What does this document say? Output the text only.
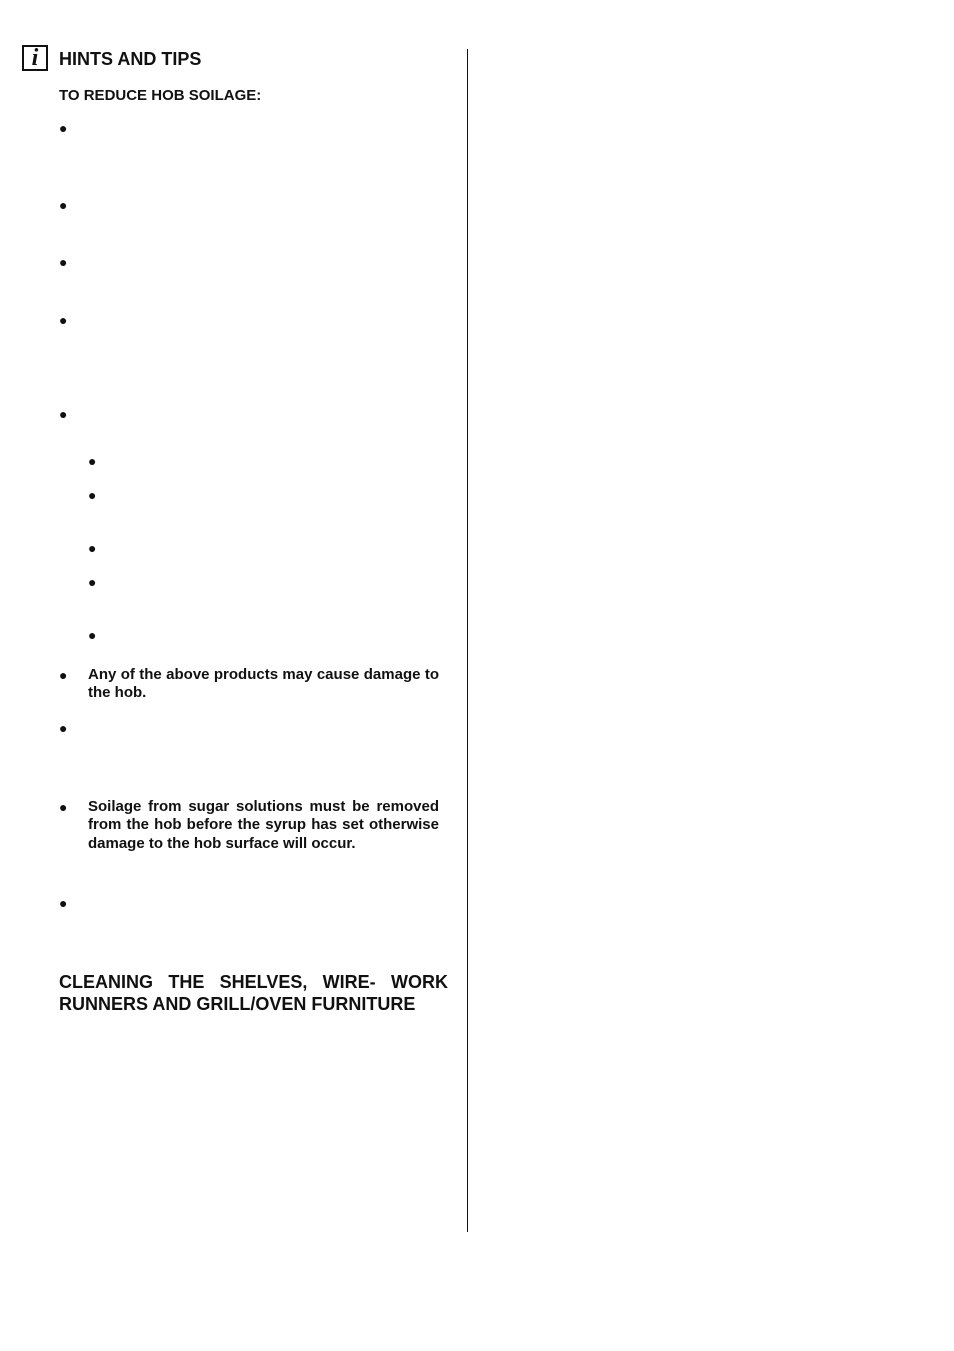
i HINTS AND TIPS
TO REDUCE HOB SOILAGE:
●
●
●
●
●
●
●
●
●
●
● Any of the above products may cause damage to the hob.

●
● Soilage from sugar solutions must be removed from the hob before the syrup has set otherwise damage to the hob surface will occur.

●
CLEANING THE SHELVES, WIRE- WORK RUNNERS AND GRILL/OVEN FURNITURE
